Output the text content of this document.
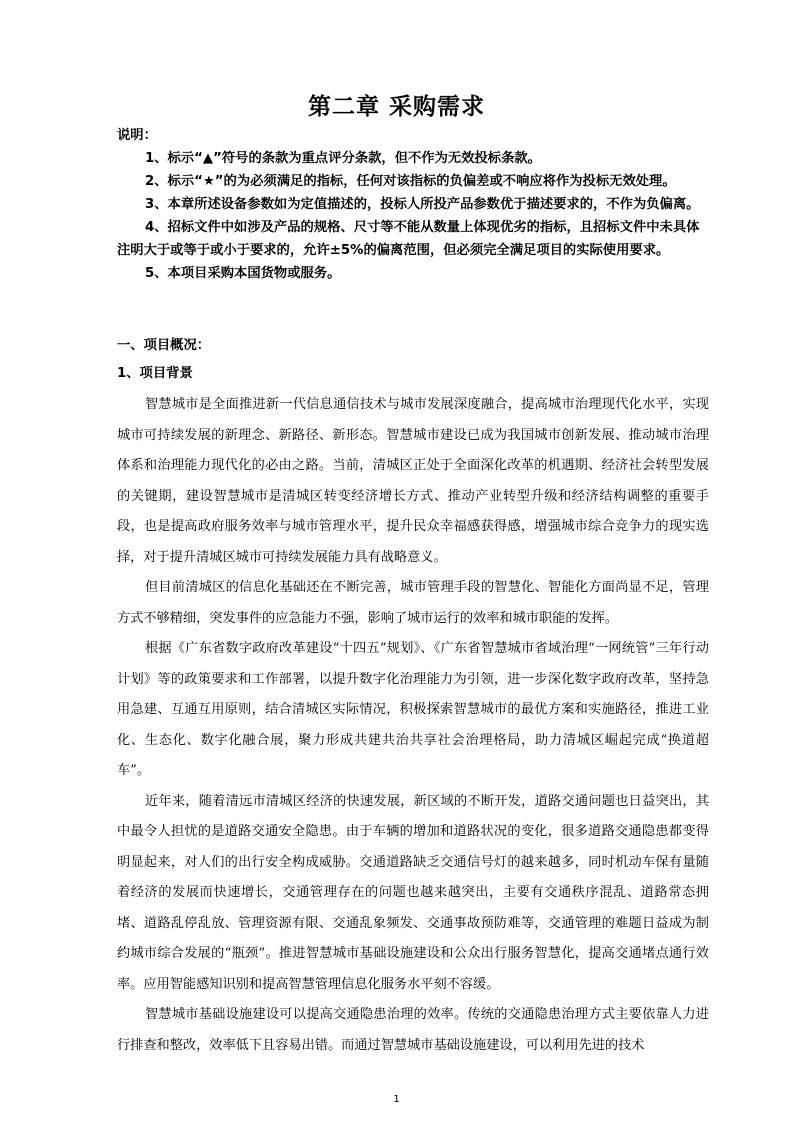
第二章 采购需求

说明：

1、标示“▲”符号的条款为重点评分条款，但不作为无效投标条款。

2、标示“★”的为必须满足的指标，任何对该指标的负偏差或不响应将作为投标无效处理。

3、本章所述设备参数如为定值描述的，投标人所投产品参数优于描述要求的，不作为负偏离。

4、招标文件中如涉及产品的规格、尺寸等不能从数量上体现优劣的指标，且招标文件中未具体注明大于或等于或小于要求的，允许±5%的偏离范围，但必须完全满足项目的实际使用要求。

5、本项目采购本国货物或服务。

一、项目概况：
1、项目背景

智慧城市是全面推进新一代信息通信技术与城市发展深度融合，提高城市治理现代化水平，实现城市可持续发展的新理念、新路径、新形态。智慧城市建设已成为我国城市创新发展、推动城市治理体系和治理能力现代化的必由之路。当前，清城区正处于全面深化改革的机遇期、经济社会转型发展的关键期，建设智慧城市是清城区转变经济增长方式、推动产业转型升级和经济结构调整的重要手段，也是提高政府服务效率与城市管理水平，提升民众幸福感获得感，增强城市综合竞争力的现实选择，对于提升清城区城市可持续发展能力具有战略意义。

但目前清城区的信息化基础还在不断完善，城市管理手段的智慧化、智能化方面尚显不足，管理方式不够精细，突发事件的应急能力不强，影响了城市运行的效率和城市职能的发挥。

根据《广东省数字政府改革建设“十四五”规划》、《广东省智慧城市省域治理“一网统管”三年行动计划》等的政策要求和工作部署，以提升数字化治理能力为引领，进一步深化数字政府改革，坚持急用急建、互通互用原则，结合清城区实际情况，积极探索智慧城市的最优方案和实施路径，推进工业化、生态化、数字化融合展，聚力形成共建共治共享社会治理格局，助力清城区崛起完成“换道超车”。

近年来，随着清远市清城区经济的快速发展，新区域的不断开发，道路交通问题也日益突出，其中最令人担忧的是道路交通安全隐患。由于车辆的增加和道路状况的变化，很多道路交通隐患都变得明显起来，对人们的出行安全构成威胁。交通道路缺乏交通信号灯的越来越多，同时机动车保有量随着经济的发展而快速增长，交通管理存在的问题也越来越突出，主要有交通秩序混乱、道路常态拥堵、道路乱停乱放、管理资源有限、交通乱象频发、交通事故预防难等，交通管理的难题日益成为制约城市综合发展的“瓶颈”。推进智慧城市基础设施建设和公众出行服务智慧化，提高交通堵点通行效率。应用智能感知识别和提高智慧管理信息化服务水平刻不容缓。

智慧城市基础设施建设可以提高交通隐患治理的效率。传统的交通隐患治理方式主要依靠人力进行排查和整改，效率低下且容易出错。而通过智慧城市基础设施建设，可以利用先进的技术

1
